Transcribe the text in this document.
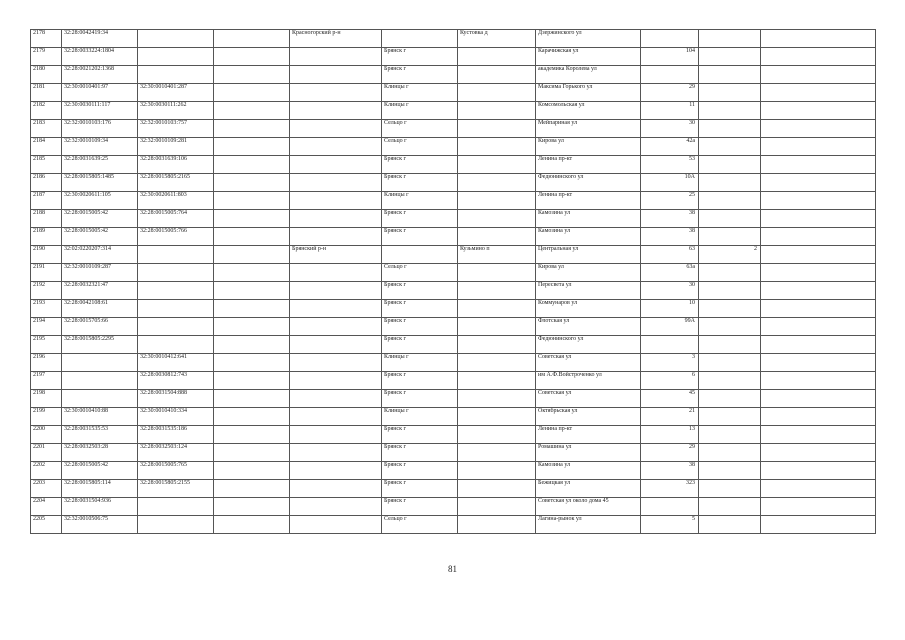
2178	32:28:0042419:34			Красногорский р-н		Кустовка д	Дзержинского ул			
2179	32:28:0033224:1804				Брянск г		Карачижская ул	104		
2180	32:28:0021202:1368				Брянск г		академика Королева ул			
2181	32:30:0010401:97	32:30:0010401:287			Клинцы г		Максима Горького ул	29		
2182	32:30:0030111:117	32:30:0030111:262			Клинцы г		Комсомольская ул	11		
2183	32:32:0010103:176	32:32:0010103:757			Сельцо г		Мейпариная ул	30		
2184	32:32:0010109:34	32:32:0010109:281			Сельцо г		Кирова ул	42а		
2185	32:28:0031639:25	32:28:0031639:106			Брянск г		Ленина пр-кт	53		
2186	32:28:0015805:1485	32:28:0015805:2165			Брянск г		Федюнинского ул	10А		
2187	32:30:0020611:105	32:30:0020611:803			Клинцы г		Ленина пр-кт	25		
2188	32:28:0015005:42	32:28:0015005:764			Брянск г		Камозина ул	38		
2189	32:28:0015005:42	32:28:0015005:766			Брянск г		Камозина ул	38		
2190	32:02:0220207:314			Брянский р-н		Кузьмино п	Центральная ул	63	2	
2191	32:32:0010109:287				Сельцо г		Кирова ул	63а		
2192	32:28:0032321:47				Брянск г		Пересвета ул	30		
2193	32:28:0042108:61				Брянск г		Коммунаров ул	10		
2194	32:28:0015705:66				Брянск г		Флотская ул	99А		
2195	32:28:0015805:2295				Брянск г		Федюнинского ул			
2196		32:30:0010412:641			Клинцы г		Советская ул	3		
2197		32:28:0030812:743			Брянск г		им А.Ф.Войстроченко ул	6		
2198		32:28:0031504:888			Брянск г		Советская ул	45		
2199	32:30:0010410:88	32:30:0010410:334			Клинцы г		Октябрьская ул	21		
2200	32:28:0031535:53	32:28:0031535:186			Брянск г		Ленина пр-кт	13		
2201	32:28:0032503:28	32:28:0032503:124			Брянск г		Ромашина ул	29		
2202	32:28:0015005:42	32:28:0015005:765			Брянск г		Камозина ул	38		
2203	32:28:0015805:114	32:28:0015805:2155			Брянск г		Бежицкая ул	323		
2204	32:28:0031504:936				Брянск г		Советская ул около дома 45			
2205	32:32:0010506:75				Сельцо г		Лагина-рынок ул	5		
81
